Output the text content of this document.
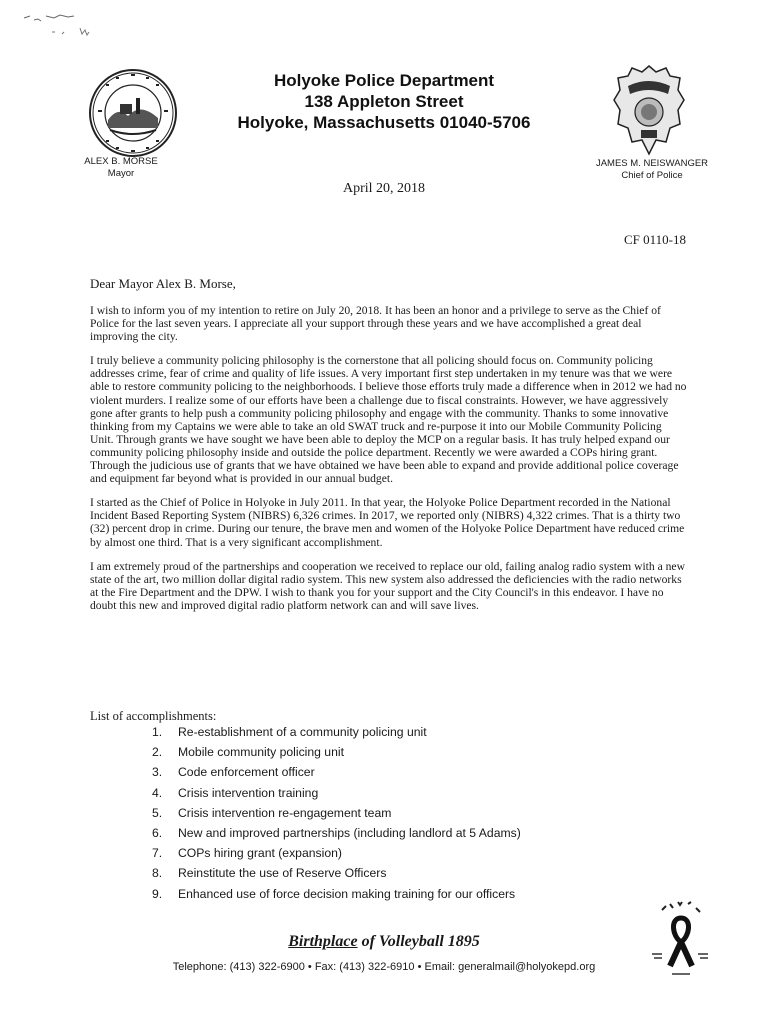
Holyoke Police Department
138 Appleton Street
Holyoke, Massachusetts 01040-5706
ALEX B. MORSE
Mayor
JAMES M. NEISWANGER
Chief of Police
April 20, 2018
CF 0110-18
Dear Mayor Alex B. Morse,

I wish to inform you of my intention to retire on July 20, 2018. It has been an honor and a privilege to serve as the Chief of Police for the last seven years. I appreciate all your support through these years and we have accomplished a great deal improving the city.

I truly believe a community policing philosophy is the cornerstone that all policing should focus on. Community policing addresses crime, fear of crime and quality of life issues. A very important first step undertaken in my tenure was that we were able to restore community policing to the neighborhoods. I believe those efforts truly made a difference when in 2012 we had no violent murders. I realize some of our efforts have been a challenge due to fiscal constraints. However, we have aggressively gone after grants to help push a community policing philosophy and engage with the community. Thanks to some innovative thinking from my Captains we were able to take an old SWAT truck and re-purpose it into our Mobile Community Policing Unit. Through grants we have sought we have been able to deploy the MCP on a regular basis. It has truly helped expand our community policing philosophy inside and outside the police department. Recently we were awarded a COPs hiring grant. Through the judicious use of grants that we have obtained we have been able to expand and provide additional police coverage and equipment far beyond what is provided in our annual budget.

I started as the Chief of Police in Holyoke in July 2011. In that year, the Holyoke Police Department recorded in the National Incident Based Reporting System (NIBRS) 6,326 crimes. In 2017, we reported only (NIBRS) 4,322 crimes. That is a thirty two (32) percent drop in crime. During our tenure, the brave men and women of the Holyoke Police Department have reduced crime by almost one third. That is a very significant accomplishment.

I am extremely proud of the partnerships and cooperation we received to replace our old, failing analog radio system with a new state of the art, two million dollar digital radio system. This new system also addressed the deficiencies with the radio networks at the Fire Department and the DPW. I wish to thank you for your support and the City Council's in this endeavor. I have no doubt this new and improved digital radio platform network can and will save lives.

List of accomplishments:
1. Re-establishment of a community policing unit
2. Mobile community policing unit
3. Code enforcement officer
4. Crisis intervention training
5. Crisis intervention re-engagement team
6. New and improved partnerships (including landlord at 5 Adams)
7. COPs hiring grant (expansion)
8. Reinstitute the use of Reserve Officers
9. Enhanced use of force decision making training for our officers
Birthplace of Volleyball 1895
Telephone: (413) 322-6900 • Fax: (413) 322-6910 • Email: generalmail@holyokepd.org
